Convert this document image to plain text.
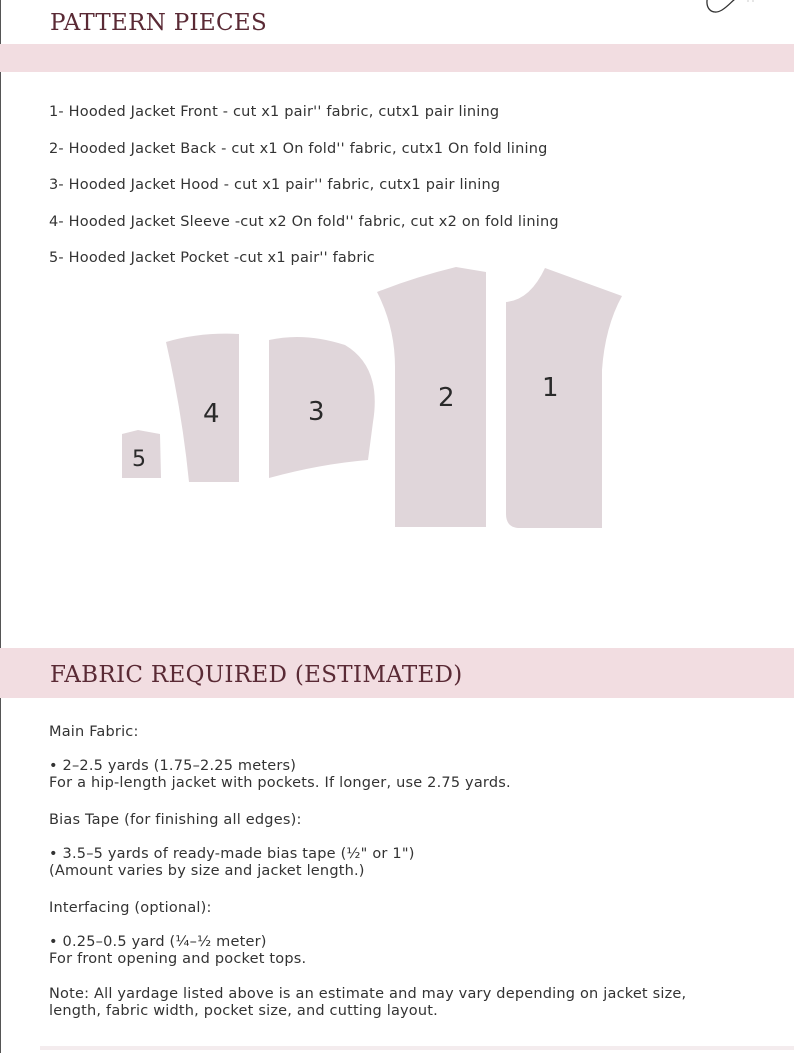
PATTERN PIECES
1- Hooded Jacket Front - cut x1 pair'' fabric, cutx1 pair lining
2- Hooded Jacket Back - cut x1 On fold'' fabric, cutx1 On fold lining
3- Hooded Jacket Hood - cut x1 pair'' fabric, cutx1 pair lining
4- Hooded Jacket Sleeve -cut x2 On fold'' fabric, cut x2 on fold lining
5- Hooded Jacket Pocket -cut x1 pair'' fabric
1
2
3
4
5
FABRIC REQUIRED (ESTIMATED)

Main Fabric:

• 2–2.5 yards (1.75–2.25 meters)

For a hip-length jacket with pockets. If longer, use 2.75 yards.

Bias Tape (for finishing all edges):

• 3.5–5 yards of ready-made bias tape (½" or 1")

(Amount varies by size and jacket length.)

Interfacing (optional):

• 0.25–0.5 yard (¼–½ meter)

For front opening and pocket tops.

Note: All yardage listed above is an estimate and may vary depending on jacket size,

length, fabric width, pocket size, and cutting layout.
